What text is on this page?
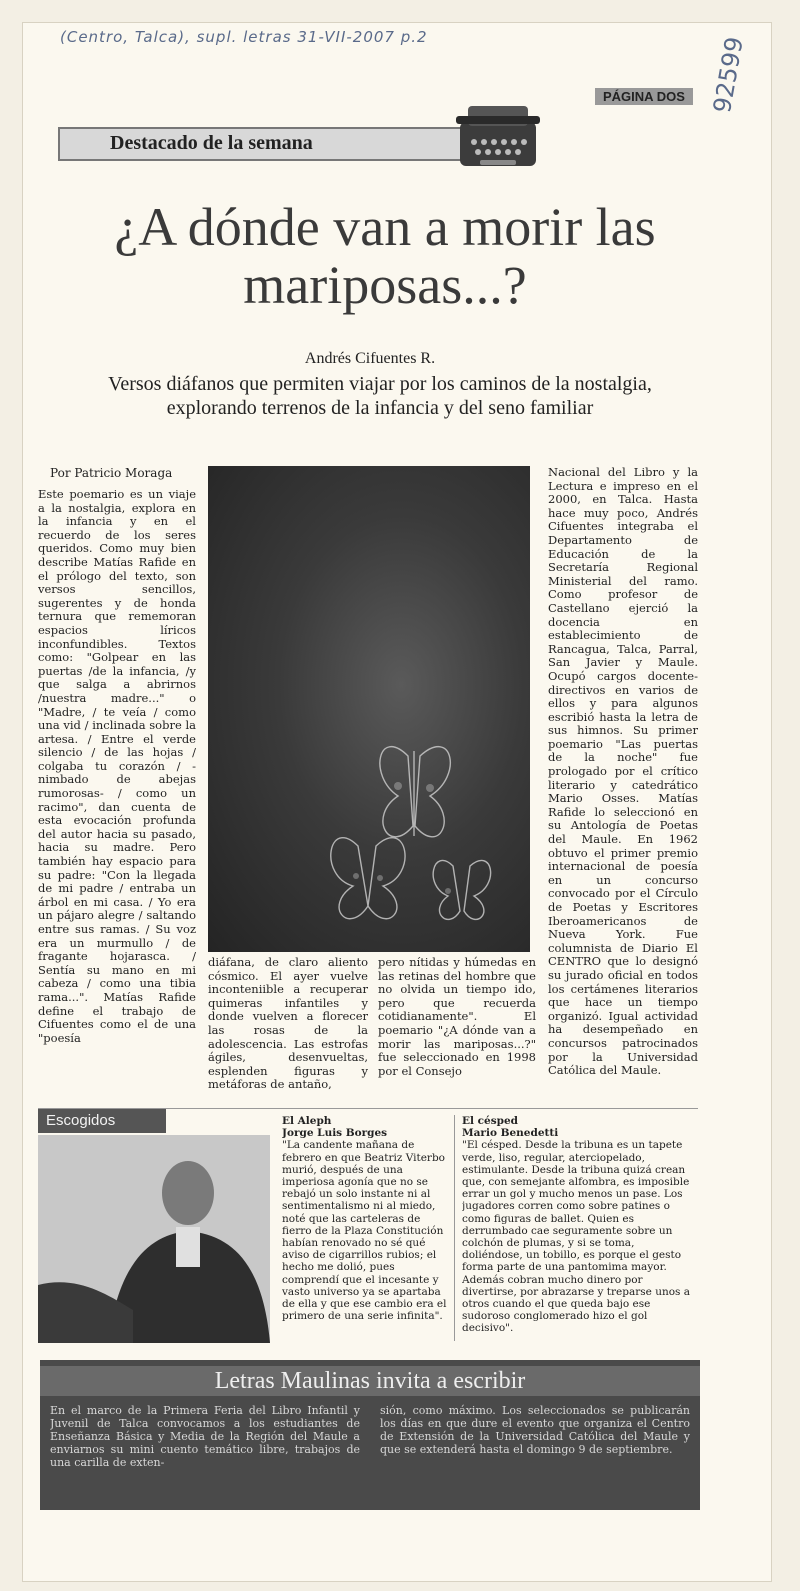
(Centro, Talca), supl. letras 31-VII-2007 p.2	92599
PÁGINA DOS
Destacado de la semana
¿A dónde van a morir las mariposas...?
Andrés Cifuentes R.
Versos diáfanos que permiten viajar por los caminos de la nostalgia, explorando terrenos de la infancia y del seno familiar
Por Patricio Moraga
Este poemario es un viaje a la nostalgia, explora en la infancia y en el recuerdo de los seres queridos. Como muy bien describe Matías Rafide en el prólogo del texto, son versos sencillos, sugerentes y de honda ternura que rememoran espacios líricos inconfundibles. Textos como: "Golpear en las puertas /de la infancia, /y que salga a abrirnos /nuestra madre..." o "Madre, / te veía / como una vid / inclinada sobre la artesa. / Entre el verde silencio / de las hojas / colgaba tu corazón / -nimbado de abejas rumorosas- / como un racimo", dan cuenta de esta evocación profunda del autor hacia su pasado, hacia su madre. Pero también hay espacio para su padre: "Con la llegada de mi padre / entraba un árbol en mi casa. / Yo era un pájaro alegre / saltando entre sus ramas. / Su voz era un murmullo / de fragante hojarasca. / Sentía su mano en mi cabeza / como una tibia rama...". Matías Rafide define el trabajo de Cifuentes como el de una "poesía
diáfana, de claro aliento cósmico. El ayer vuelve inconteniible a recuperar quimeras infantiles y donde vuelven a florecer las rosas de la adolescencia. Las estrofas ágiles, desenvueltas, esplenden figuras y metáforas de antaño,
pero nítidas y húmedas en las retinas del hombre que no olvida un tiempo ido, pero que recuerda cotidianamente". El poemario "¿A dónde van a morir las mariposas...?" fue seleccionado en 1998 por el Consejo
Nacional del Libro y la Lectura e impreso en el 2000, en Talca. Hasta hace muy poco, Andrés Cifuentes integraba el Departamento de Educación de la Secretaría Regional Ministerial del ramo. Como profesor de Castellano ejerció la docencia en establecimiento de Rancagua, Talca, Parral, San Javier y Maule. Ocupó cargos docente-directivos en varios de ellos y para algunos escribió hasta la letra de sus himnos. Su primer poemario "Las puertas de la noche" fue prologado por el crítico literario y catedrático Mario Osses. Matías Rafide lo seleccionó en su Antología de Poetas del Maule. En 1962 obtuvo el primer premio internacional de poesía en un concurso convocado por el Círculo de Poetas y Escritores Iberoamericanos de Nueva York. Fue columnista de Diario El CENTRO que lo designó su jurado oficial en todos los certámenes literarios que hace un tiempo organizó. Igual actividad ha desempeñado en concursos patrocinados por la Universidad Católica del Maule.
Escogidos	El Aleph
Jorge Luis Borges
"La candente mañana de febrero en que Beatriz Viterbo murió, después de una imperiosa agonía que no se rebajó un solo instante ni al sentimentalismo ni al miedo, noté que las carteleras de fierro de la Plaza Constitución habían renovado no sé qué aviso de cigarrillos rubios; el hecho me dolió, pues comprendí que el incesante y vasto universo ya se apartaba de ella y que ese cambio era el primero de una serie infinita".
El césped
Mario Benedetti
"El césped. Desde la tribuna es un tapete verde, liso, regular, aterciopelado, estimulante. Desde la tribuna quizá crean que, con semejante alfombra, es imposible errar un gol y mucho menos un pase. Los jugadores corren como sobre patines o como figuras de ballet. Quien es derrumbado cae seguramente sobre un colchón de plumas, y si se toma, doliéndose, un tobillo, es porque el gesto forma parte de una pantomima mayor. Además cobran mucho dinero por divertirse, por abrazarse y treparse unos a otros cuando el que queda bajo ese sudoroso conglomerado hizo el gol decisivo".
Letras Maulinas invita a escribir
En el marco de la Primera Feria del Libro Infantil y Juvenil de Talca convocamos a los estudiantes de Enseñanza Básica y Media de la Región del Maule a enviarnos su mini cuento temático libre, trabajos de una carilla de exten-
sión, como máximo. Los seleccionados se publicarán los días en que dure el evento que organiza el Centro de Extensión de la Universidad Católica del Maule y que se extenderá hasta el domingo 9 de septiembre.
